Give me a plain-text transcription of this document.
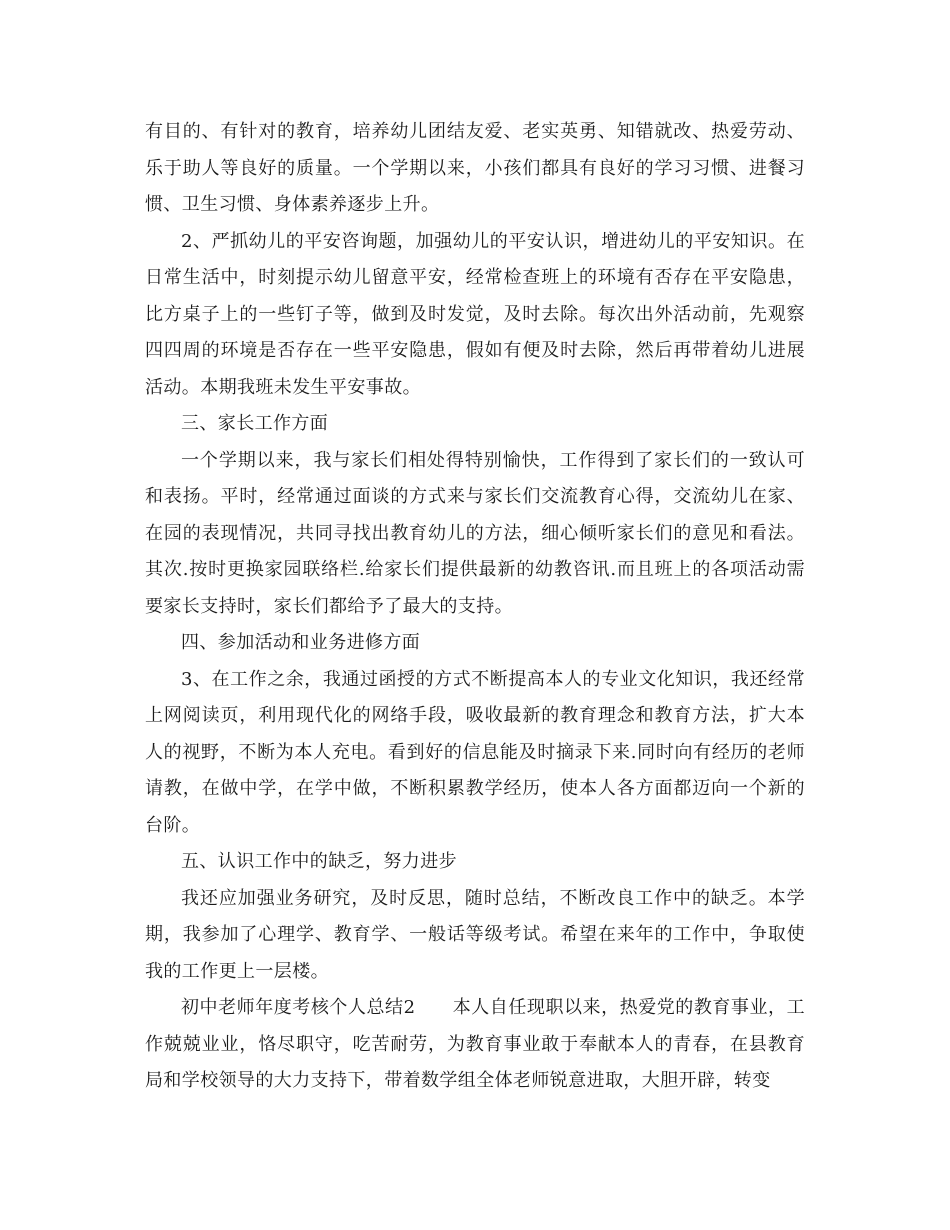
有目的、有针对的教育，培养幼儿团结友爱、老实英勇、知错就改、热爱劳动、乐于助人等良好的质量。一个学期以来，小孩们都具有良好的学习习惯、进餐习惯、卫生习惯、身体素养逐步上升。

2、严抓幼儿的平安咨询题，加强幼儿的平安认识，增进幼儿的平安知识。在日常生活中，时刻提示幼儿留意平安，经常检查班上的环境有否存在平安隐患，比方桌子上的一些钉子等，做到及时发觉，及时去除。每次出外活动前，先观察四四周的环境是否存在一些平安隐患，假如有便及时去除，然后再带着幼儿进展活动。本期我班未发生平安事故。

三、家长工作方面

一个学期以来，我与家长们相处得特别愉快，工作得到了家长们的一致认可和表扬。平时，经常通过面谈的方式来与家长们交流教育心得，交流幼儿在家、在园的表现情况，共同寻找出教育幼儿的方法，细心倾听家长们的意见和看法。其次.按时更换家园联络栏.给家长们提供最新的幼教咨讯.而且班上的各项活动需要家长支持时，家长们都给予了最大的支持。

四、参加活动和业务进修方面

3、在工作之余，我通过函授的方式不断提高本人的专业文化知识，我还经常上网阅读页，利用现代化的网络手段，吸收最新的教育理念和教育方法，扩大本人的视野，不断为本人充电。看到好的信息能及时摘录下来.同时向有经历的老师请教，在做中学，在学中做，不断积累教学经历，使本人各方面都迈向一个新的台阶。

五、认识工作中的缺乏，努力进步

我还应加强业务研究，及时反思，随时总结，不断改良工作中的缺乏。本学期，我参加了心理学、教育学、一般话等级考试。希望在来年的工作中，争取使我的工作更上一层楼。

初中老师年度考核个人总结2　　本人自任现职以来，热爱党的教育事业，工作兢兢业业，恪尽职守，吃苦耐劳，为教育事业敢于奉献本人的青春，在县教育局和学校领导的大力支持下，带着数学组全体老师锐意进取，大胆开辟，转变
